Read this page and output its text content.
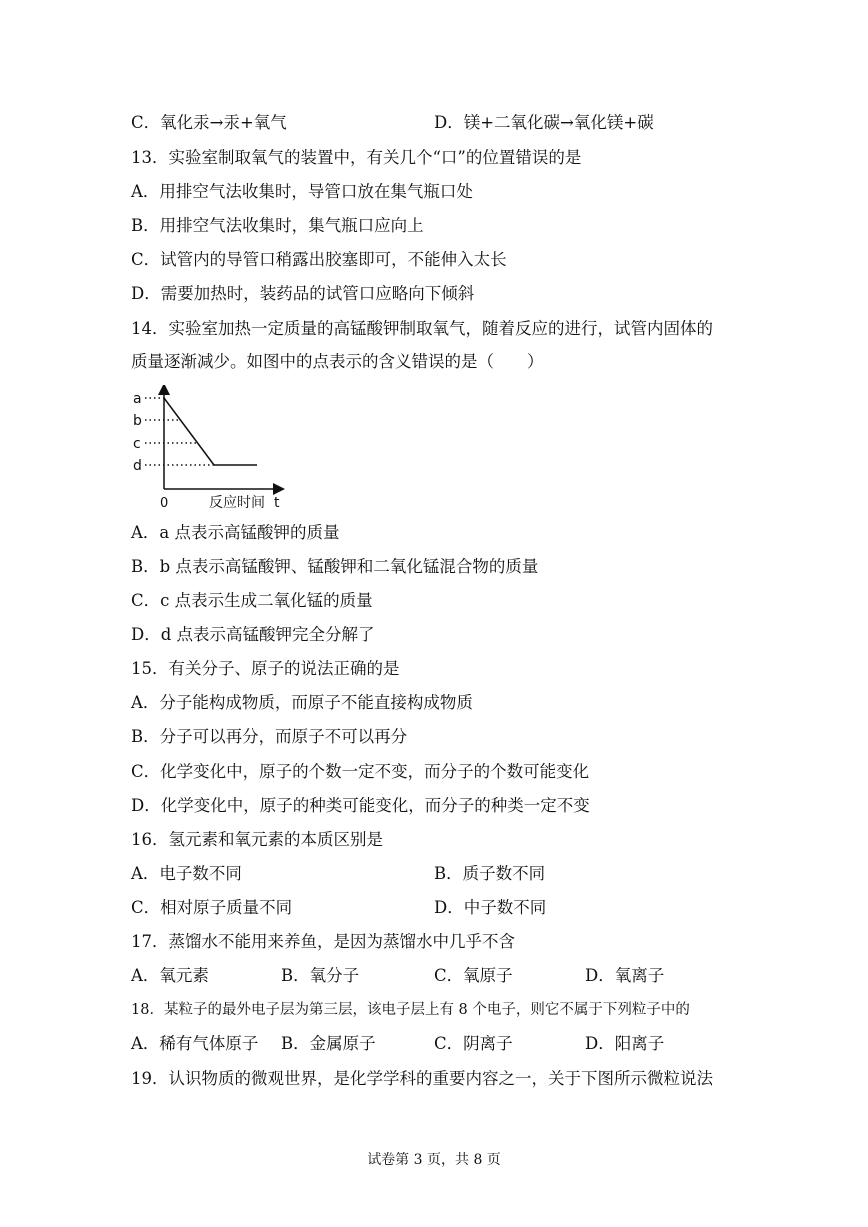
C．氧化汞→汞+氧气	D．镁+二氧化碳→氧化镁+碳
13．实验室制取氧气的装置中，有关几个“口”的位置错误的是
A．用排空气法收集时，导管口放在集气瓶口处
B．用排空气法收集时，集气瓶口应向上
C．试管内的导管口稍露出胶塞即可，不能伸入太长
D．需要加热时，装药品的试管口应略向下倾斜
14．实验室加热一定质量的高锰酸钾制取氧气，随着反应的进行，试管内固体的
质量逐渐减少。如图中的点表示的含义错误的是（　　）
a
b
c
d
0	反应时间 t
A．a 点表示高锰酸钾的质量
B．b 点表示高锰酸钾、锰酸钾和二氧化锰混合物的质量
C．c 点表示生成二氧化锰的质量
D．d 点表示高锰酸钾完全分解了
15．有关分子、原子的说法正确的是
A．分子能构成物质，而原子不能直接构成物质
B．分子可以再分，而原子不可以再分
C．化学变化中，原子的个数一定不变，而分子的个数可能变化
D．化学变化中，原子的种类可能变化，而分子的种类一定不变
16．氢元素和氧元素的本质区别是
A．电子数不同	B．质子数不同
C．相对原子质量不同	D．中子数不同
17．蒸馏水不能用来养鱼，是因为蒸馏水中几乎不含
A．氧元素	B．氧分子	C．氧原子	D．氧离子
18．某粒子的最外电子层为第三层，该电子层上有 8 个电子，则它不属于下列粒子中的
A．稀有气体原子 B．金属原子	C．阴离子	D．阳离子
19．认识物质的微观世界，是化学学科的重要内容之一，关于下图所示微粒说法
试卷第 3 页，共 8 页
